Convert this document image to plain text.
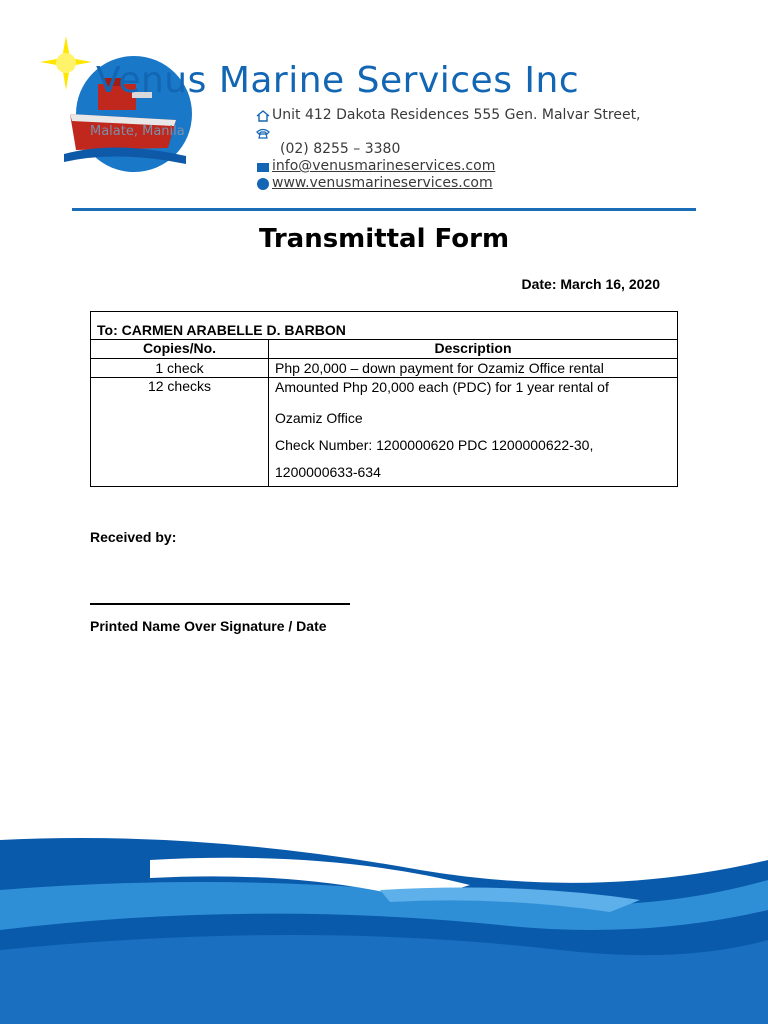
Venus Marine Services Inc
Malate, Manila
Unit 412 Dakota Residences 555 Gen. Malvar Street,
(02) 8255 – 3380
info@venusmarineservices.com
www.venusmarineservices.com
Transmittal Form
Date: March 16, 2020
To: CARMEN ARABELLE D. BARBON	
Copies/No.	Description
1 check	Php 20,000 – down payment for Ozamiz Office rental
12 checks	Amounted Php 20,000 each (PDC) for 1 year rental of

Ozamiz Office

Check Number: 1200000620 PDC 1200000622-30,

1200000633-634

Received by:
Printed Name Over Signature / Date
